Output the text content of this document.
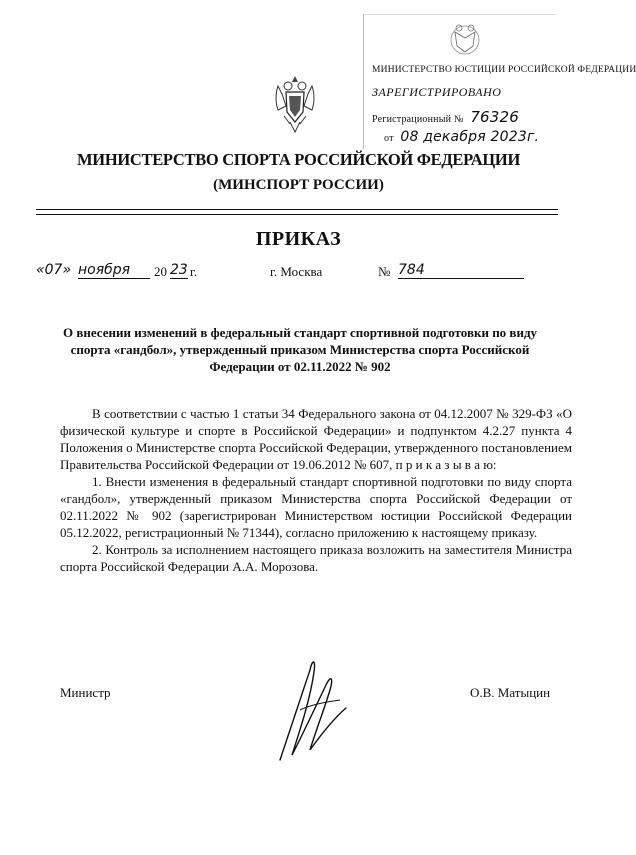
МИНИСТЕРСТВО ЮСТИЦИИ РОССИЙСКОЙ ФЕДЕРАЦИИ
ЗАРЕГИСТРИРОВАНО
Регистрационный № 76326
от 08 декабря 2023г.
МИНИСТЕРСТВО СПОРТА РОССИЙСКОЙ ФЕДЕРАЦИИ
(МИНСПОРТ РОССИИ)
ПРИКАЗ
«07» ноября	20 23 г.	г. Москва	№ 784
О внесении изменений в федеральный стандарт спортивной подготовки по виду спорта «гандбол», утвержденный приказом Министерства спорта Российской Федерации от 02.11.2022 № 902

В соответствии с частью 1 статьи 34 Федерального закона от 04.12.2007 № 329-ФЗ «О физической культуре и спорте в Российской Федерации» и подпунктом 4.2.27 пункта 4 Положения о Министерстве спорта Российской Федерации, утвержденного постановлением Правительства Российской Федерации от 19.06.2012 № 607, п р и к а з ы в а ю:

1. Внести изменения в федеральный стандарт спортивной подготовки по виду спорта «гандбол», утвержденный приказом Министерства спорта Российской Федерации от 02.11.2022 № 902 (зарегистрирован Министерством юстиции Российской Федерации 05.12.2022, регистрационный № 71344), согласно приложению к настоящему приказу.

2. Контроль за исполнением настоящего приказа возложить на заместителя Министра спорта Российской Федерации А.А. Морозова.

Министр	О.В. Матыцин
